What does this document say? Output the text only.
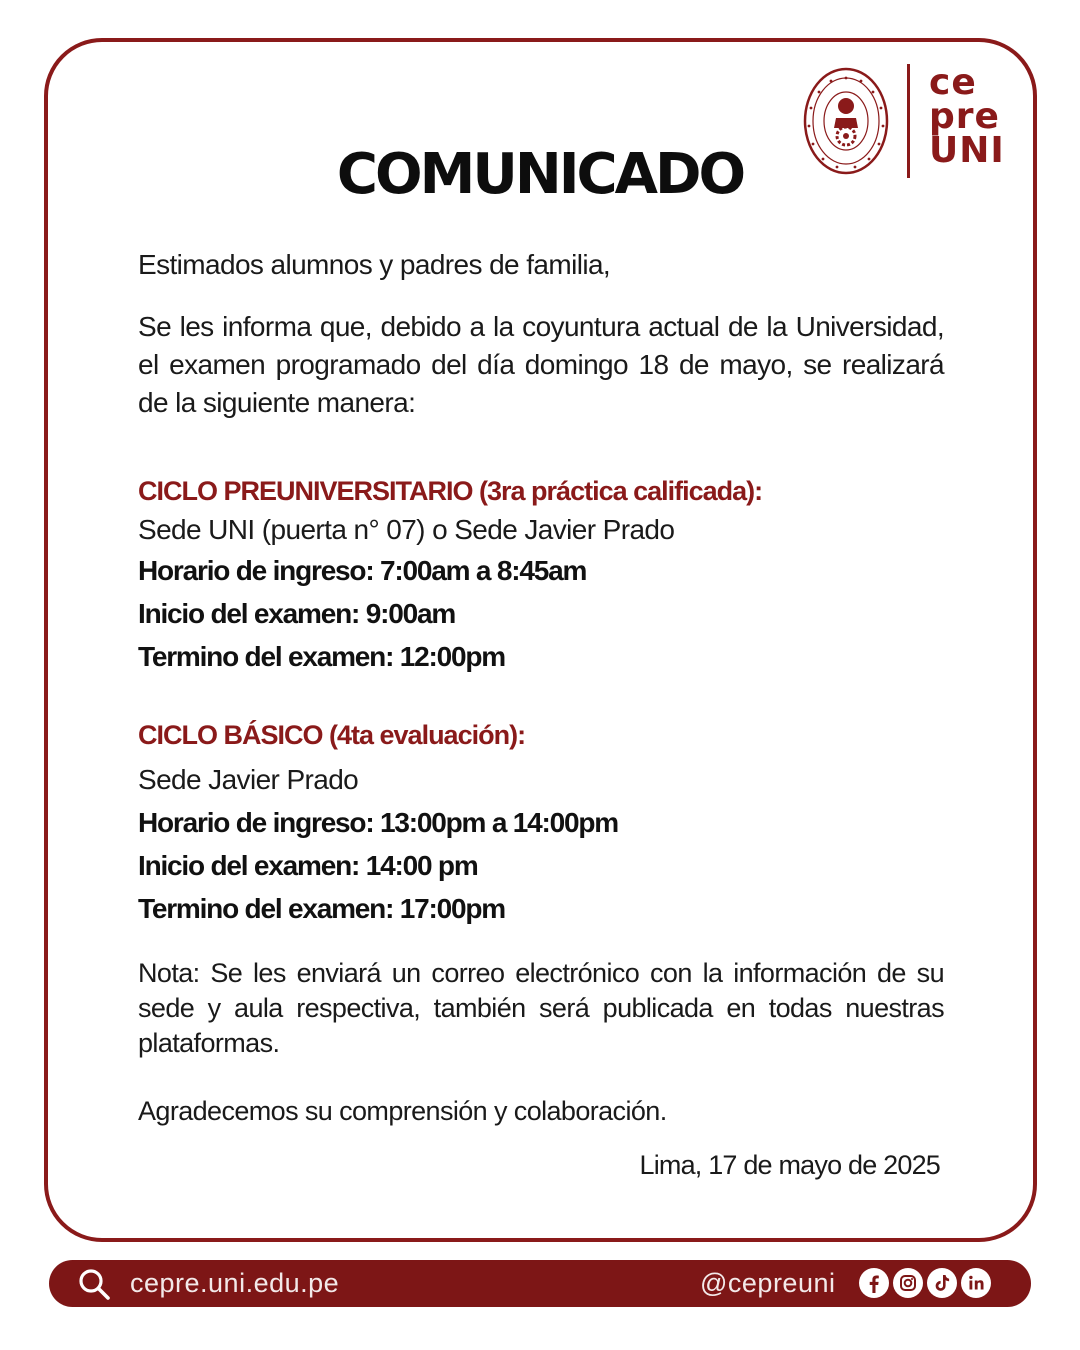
ce
pre
UNI
COMUNICADO
Estimados alumnos y padres de familia,
Se les informa que, debido a la coyuntura actual de la Universidad, el examen programado del día domingo 18 de mayo, se realizará de la siguiente manera:
CICLO PREUNIVERSITARIO (3ra práctica calificada):
Sede UNI (puerta n° 07) o Sede Javier Prado
Horario de ingreso: 7:00am a 8:45am
Inicio del examen: 9:00am
Termino del examen: 12:00pm
CICLO BÁSICO (4ta evaluación):
Sede Javier Prado
Horario de ingreso: 13:00pm a 14:00pm
Inicio del examen: 14:00 pm
Termino del examen: 17:00pm
Nota: Se les enviará un correo electrónico con la información de su sede y aula respectiva, también será publicada en todas nuestras plataformas.
Agradecemos su comprensión y colaboración.
Lima, 17 de mayo de 2025
cepre.uni.edu.pe	@cepreuni
